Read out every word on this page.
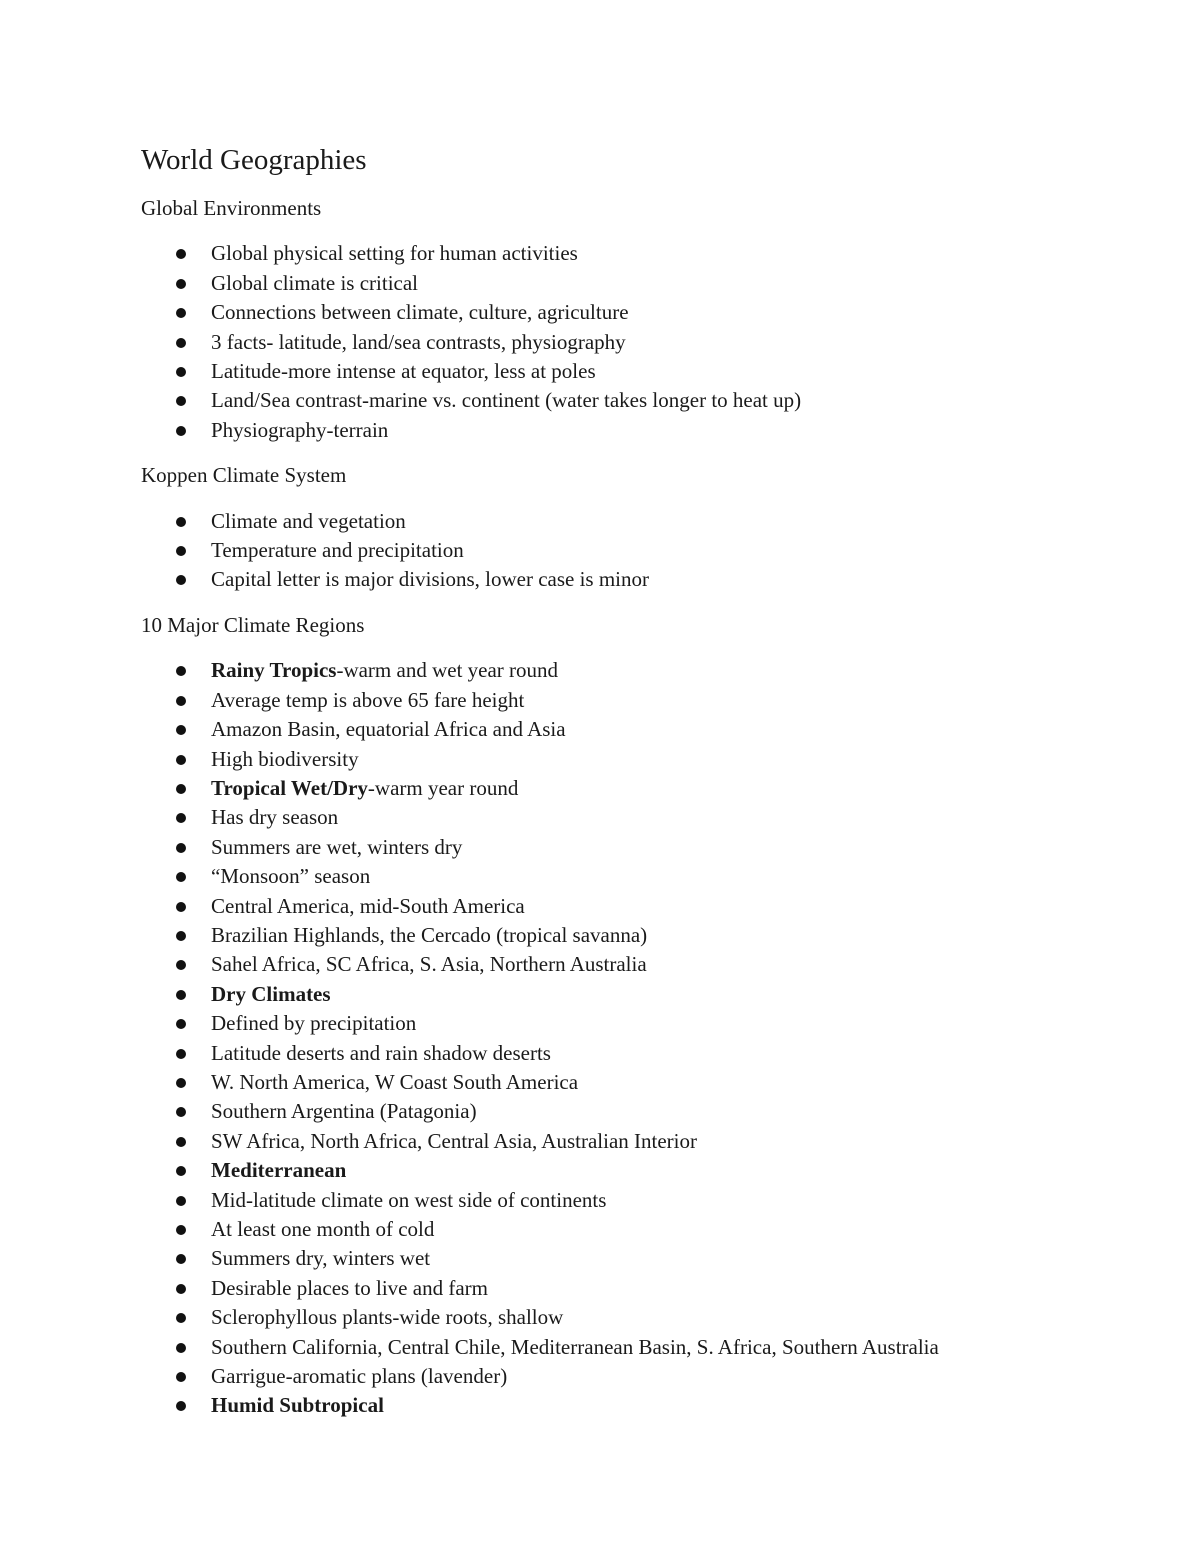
World Geographies
Global Environments
Global physical setting for human activities
Global climate is critical
Connections between climate, culture, agriculture
3 facts- latitude, land/sea contrasts, physiography
Latitude-more intense at equator, less at poles
Land/Sea contrast-marine vs. continent (water takes longer to heat up)
Physiography-terrain
Koppen Climate System
Climate and vegetation
Temperature and precipitation
Capital letter is major divisions, lower case is minor
10 Major Climate Regions
Rainy Tropics-warm and wet year round
Average temp is above 65 fare height
Amazon Basin, equatorial Africa and Asia
High biodiversity
Tropical Wet/Dry-warm year round
Has dry season
Summers are wet, winters dry
“Monsoon” season
Central America, mid-South America
Brazilian Highlands, the Cercado (tropical savanna)
Sahel Africa, SC Africa, S. Asia, Northern Australia
Dry Climates
Defined by precipitation
Latitude deserts and rain shadow deserts
W. North America, W Coast South America
Southern Argentina (Patagonia)
SW Africa, North Africa, Central Asia, Australian Interior
Mediterranean
Mid-latitude climate on west side of continents
At least one month of cold
Summers dry, winters wet
Desirable places to live and farm
Sclerophyllous plants-wide roots, shallow
Southern California, Central Chile, Mediterranean Basin, S. Africa, Southern Australia
Garrigue-aromatic plans (lavender)
Humid Subtropical
